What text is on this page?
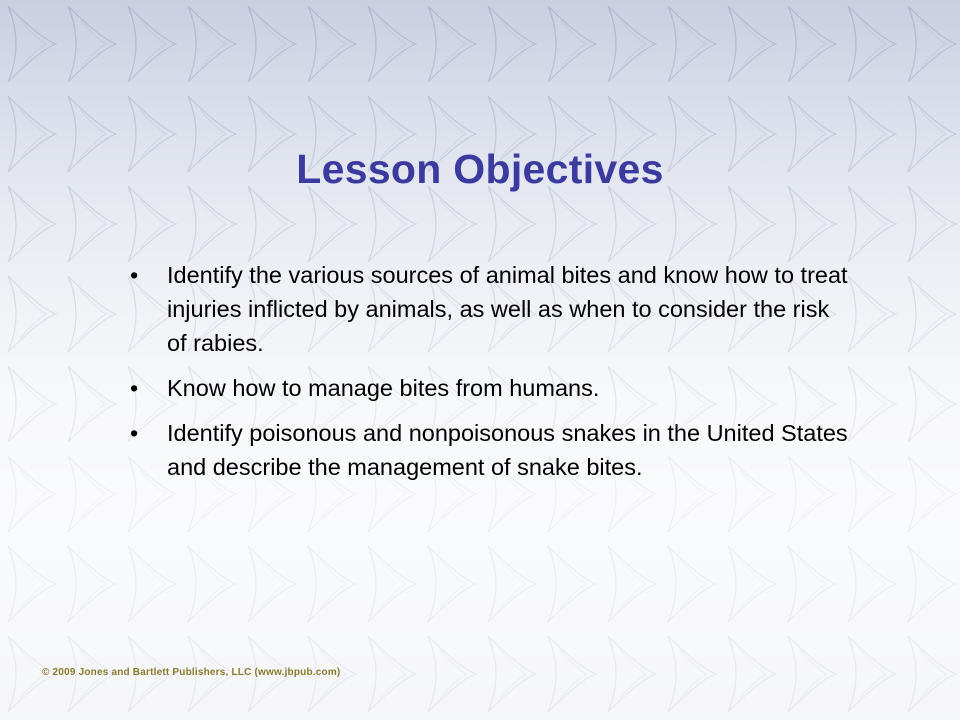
Lesson Objectives
•	Identify the various sources of animal bites and know how to treat injuries inflicted by animals, as well as when to consider the risk of rabies.
•	Know how to manage bites from humans.
•	Identify poisonous and nonpoisonous snakes in the United States and describe the management of snake bites.
© 2009 Jones and Bartlett Publishers, LLC (www.jbpub.com)
